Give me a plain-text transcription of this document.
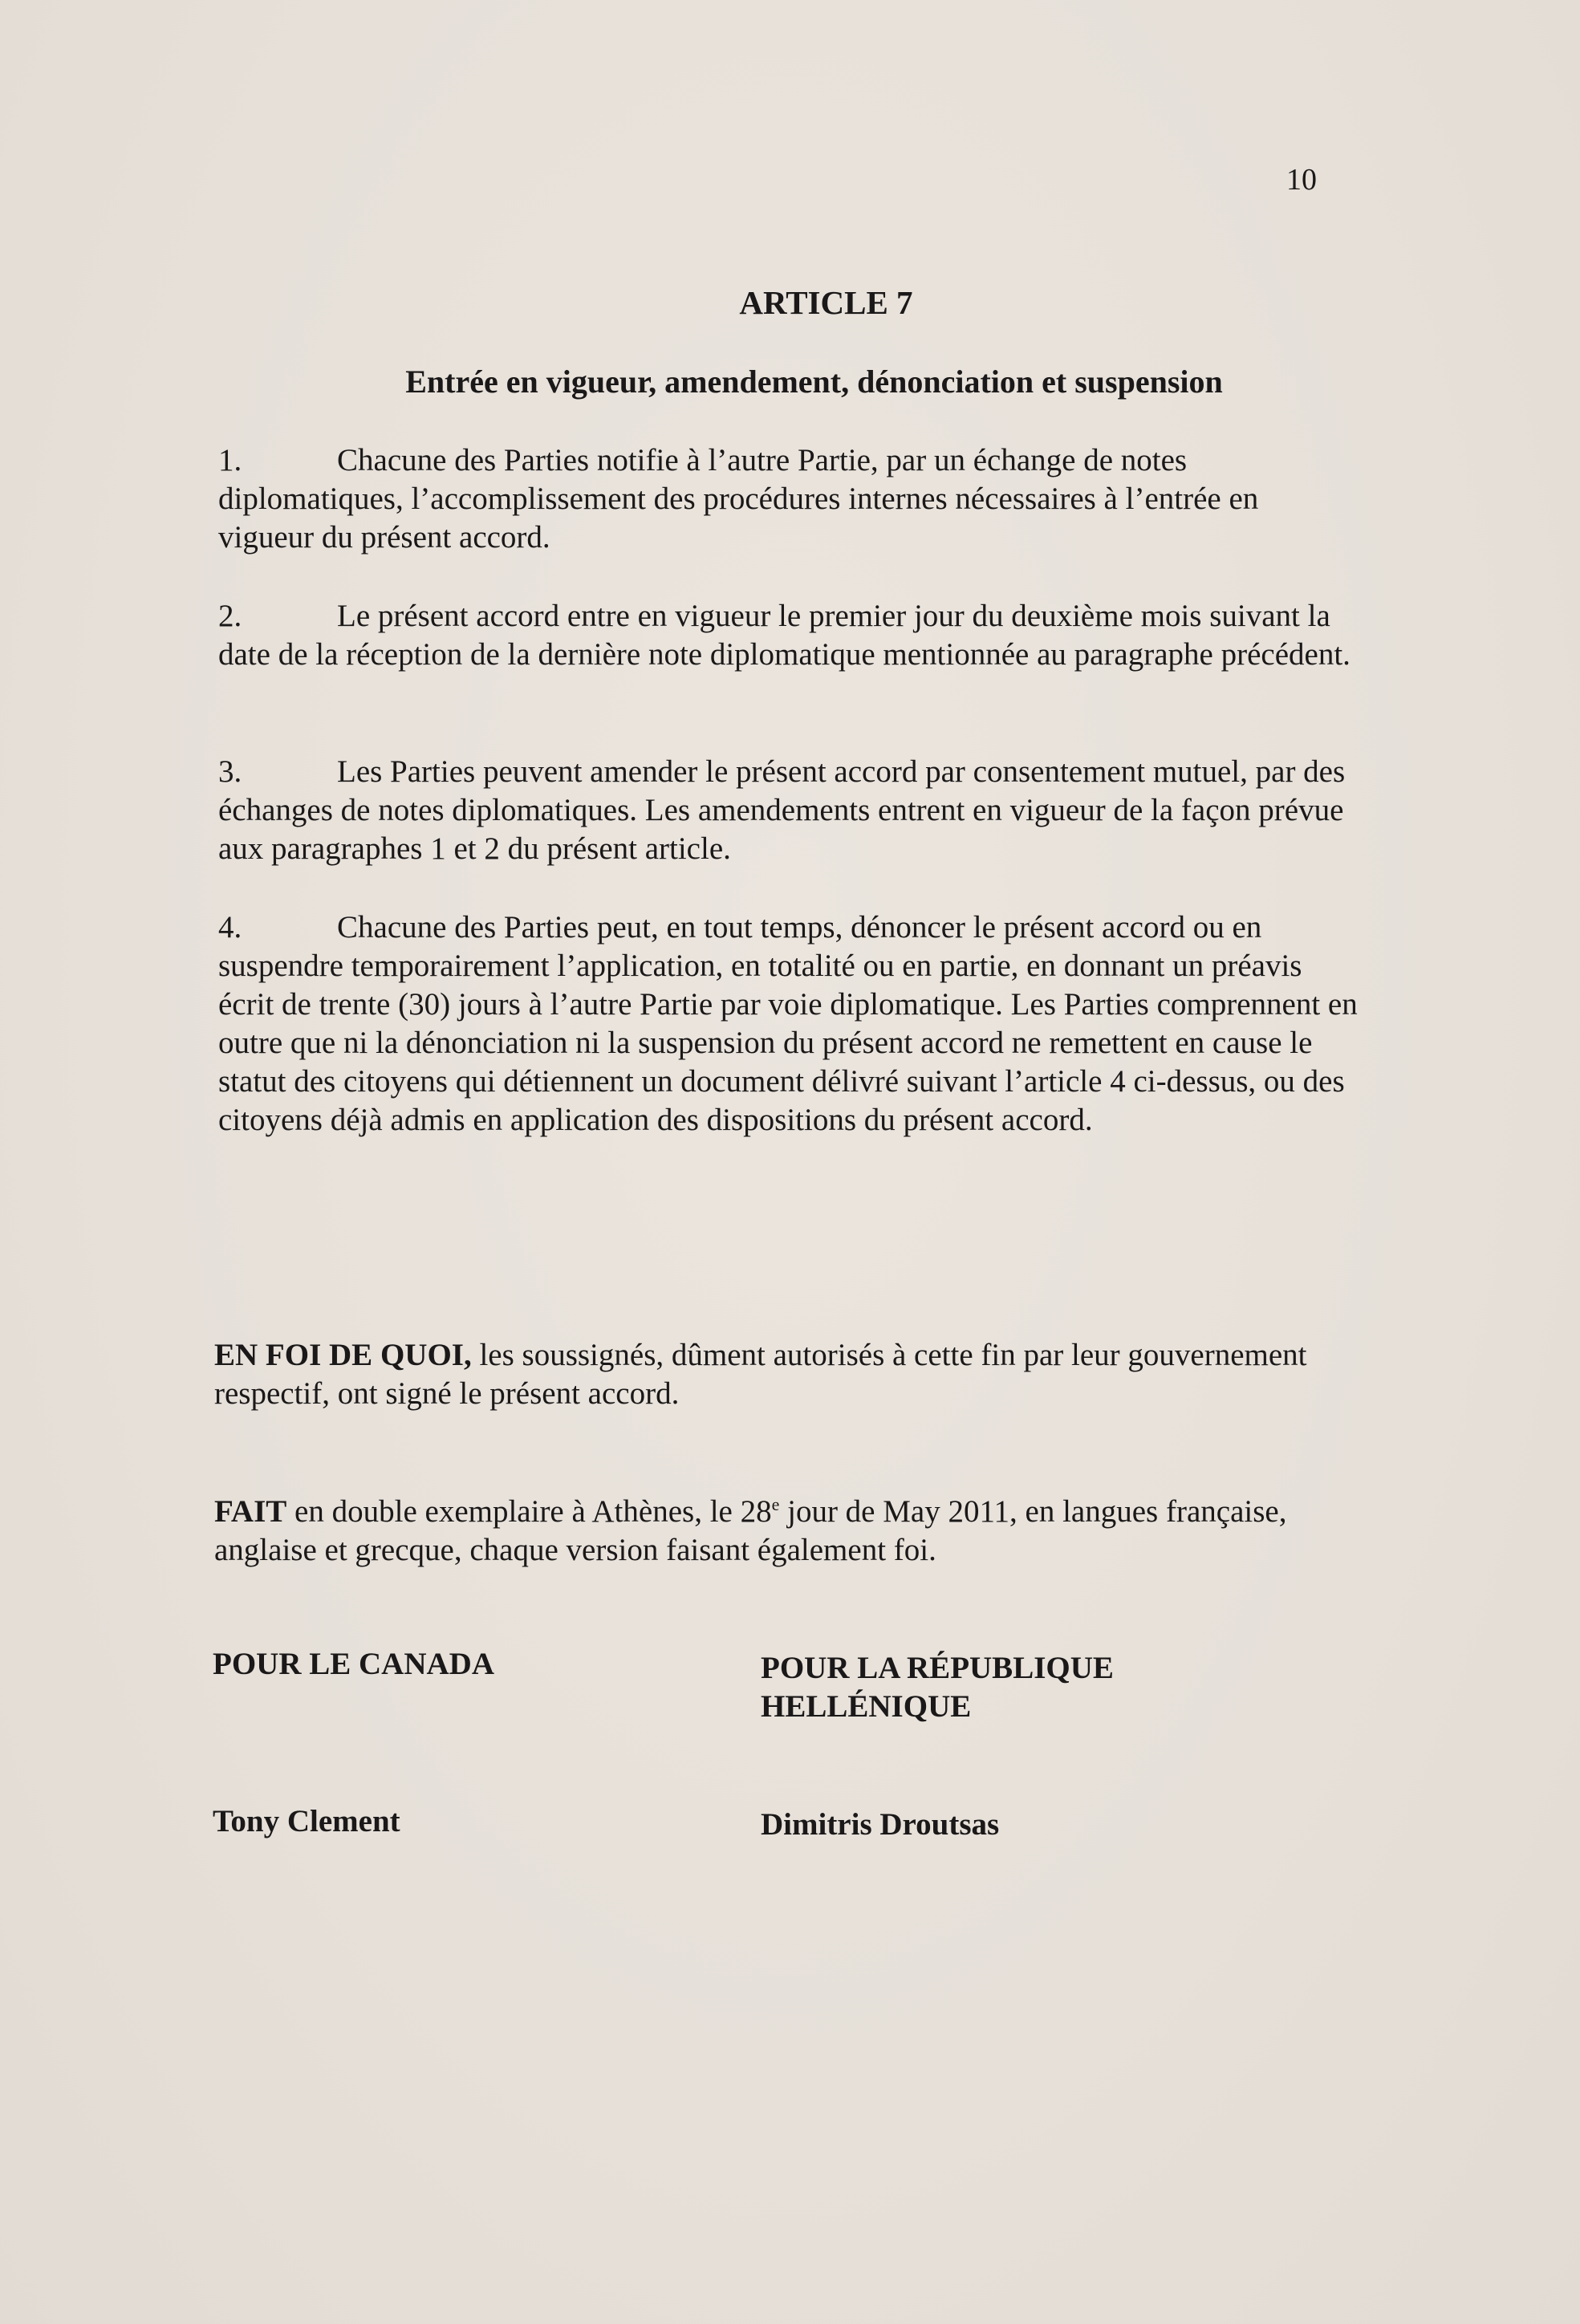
10
ARTICLE 7
Entrée en vigueur, amendement, dénonciation et suspension
1.	Chacune des Parties notifie à l’autre Partie, par un échange de notes diplomatiques, l’accomplissement des procédures internes nécessaires à l’entrée en vigueur du présent accord.
2.	Le présent accord entre en vigueur le premier jour du deuxième mois suivant la date de la réception de la dernière note diplomatique mentionnée au paragraphe précédent.
3.	Les Parties peuvent amender le présent accord par consentement mutuel, par des échanges de notes diplomatiques. Les amendements entrent en vigueur de la façon prévue aux paragraphes 1 et 2 du présent article.
4.	Chacune des Parties peut, en tout temps, dénoncer le présent accord ou en suspendre temporairement l’application, en totalité ou en partie, en donnant un préavis écrit de trente (30) jours à l’autre Partie par voie diplomatique. Les Parties comprennent en outre que ni la dénonciation ni la suspension du présent accord ne remettent en cause le statut des citoyens qui détiennent un document délivré suivant l’article 4 ci-dessus, ou des citoyens déjà admis en application des dispositions du présent accord.
EN FOI DE QUOI, les soussignés, dûment autorisés à cette fin par leur gouvernement respectif, ont signé le présent accord.
FAIT en double exemplaire à Athènes, le 28e jour de May 2011, en langues française, anglaise et grecque, chaque version faisant également foi.
POUR LE CANADA	POUR LA RÉPUBLIQUE
HELLÉNIQUE
Tony Clement	Dimitris Droutsas
